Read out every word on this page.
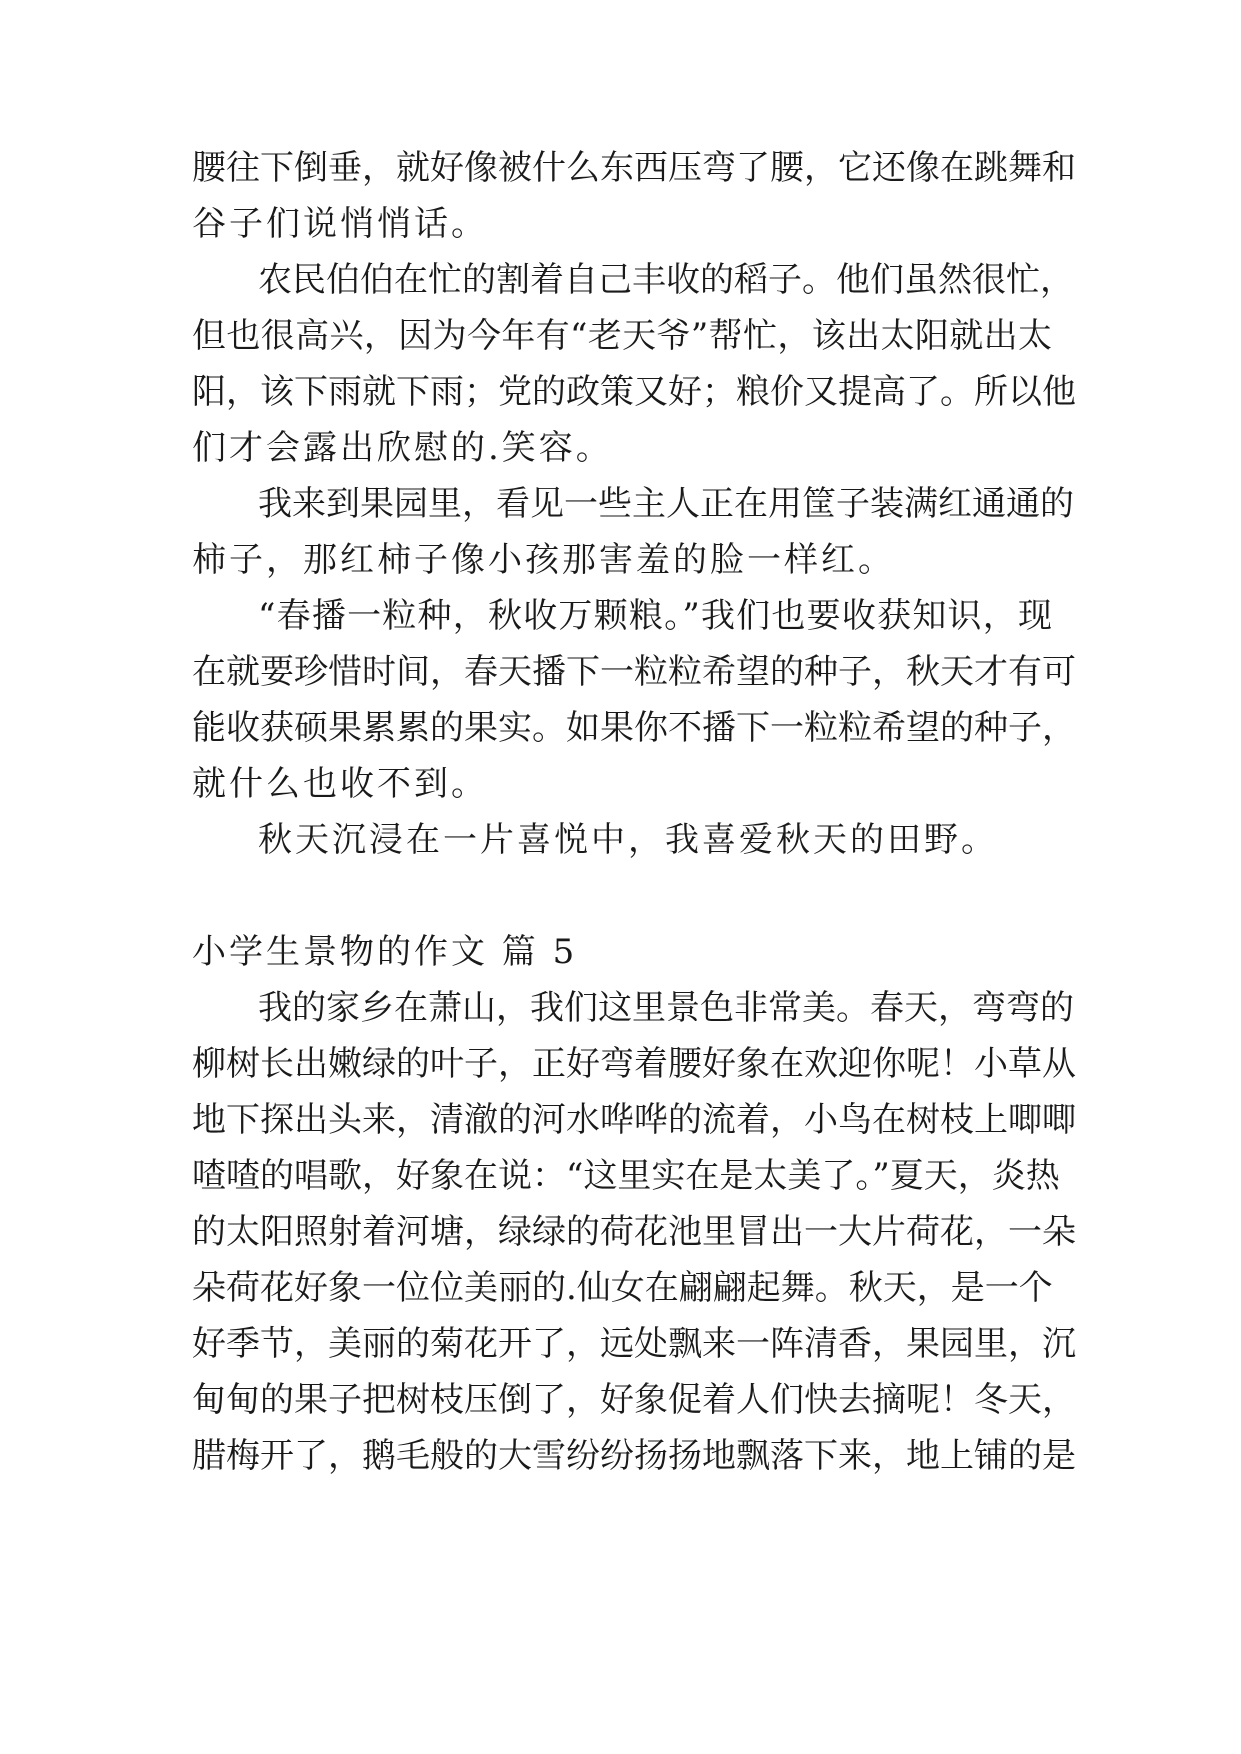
腰往下倒垂，就好像被什么东西压弯了腰，它还像在跳舞和
谷子们说悄悄话。
农民伯伯在忙的割着自己丰收的稻子。他们虽然很忙，
但也很高兴，因为今年有“老天爷”帮忙，该出太阳就出太
阳，该下雨就下雨；党的政策又好；粮价又提高了。所以他
们才会露出欣慰的.笑容。
我来到果园里，看见一些主人正在用筐子装满红通通的
柿子，那红柿子像小孩那害羞的脸一样红。
“春播一粒种，秋收万颗粮。”我们也要收获知识，现
在就要珍惜时间，春天播下一粒粒希望的种子，秋天才有可
能收获硕果累累的果实。如果你不播下一粒粒希望的种子，
就什么也收不到。
秋天沉浸在一片喜悦中，我喜爱秋天的田野。
小学生景物的作文 篇 5
我的家乡在萧山，我们这里景色非常美。春天，弯弯的
柳树长出嫩绿的叶子，正好弯着腰好象在欢迎你呢！小草从
地下探出头来，清澈的河水哗哗的流着，小鸟在树枝上唧唧
喳喳的唱歌，好象在说：“这里实在是太美了。”夏天，炎热
的太阳照射着河塘，绿绿的荷花池里冒出一大片荷花，一朵
朵荷花好象一位位美丽的.仙女在翩翩起舞。秋天，是一个
好季节，美丽的菊花开了，远处飘来一阵清香，果园里，沉
甸甸的果子把树枝压倒了，好象促着人们快去摘呢！冬天，
腊梅开了，鹅毛般的大雪纷纷扬扬地飘落下来，地上铺的是
